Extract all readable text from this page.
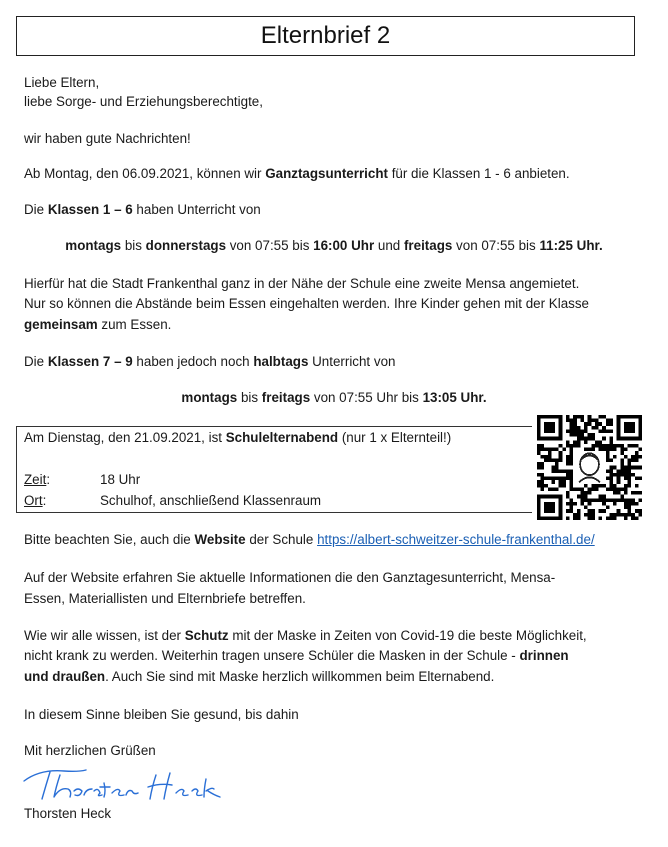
Elternbrief 2
Liebe Eltern,
liebe Sorge- und Erziehungsberechtigte,
wir haben gute Nachrichten!
Ab Montag, den 06.09.2021, können wir Ganztagsunterricht für die Klassen 1 - 6 anbieten.
Die Klassen 1 – 6 haben Unterricht von
montags bis donnerstags von 07:55 bis 16:00 Uhr und freitags von 07:55 bis 11:25 Uhr.
Hierfür hat die Stadt Frankenthal ganz in der Nähe der Schule eine zweite Mensa angemietet.
Nur so können die Abstände beim Essen eingehalten werden. Ihre Kinder gehen mit der Klasse
gemeinsam zum Essen.
Die Klassen 7 – 9 haben jedoch noch halbtags Unterricht von
montags bis freitags von 07:55 Uhr bis 13:05 Uhr.
Am Dienstag, den 21.09.2021, ist Schulelternabend (nur 1 x Elternteil!)
Zeit:	18 Uhr
Ort:	Schulhof, anschließend Klassenraum
Bitte beachten Sie, auch die Website der Schule https://albert-schweitzer-schule-frankenthal.de/
Auf der Website erfahren Sie aktuelle Informationen die den Ganztagesunterricht, Mensa-
Essen, Materiallisten und Elternbriefe betreffen.
Wie wir alle wissen, ist der Schutz mit der Maske in Zeiten von Covid-19 die beste Möglichkeit,
nicht krank zu werden. Weiterhin tragen unsere Schüler die Masken in der Schule - drinnen
und draußen. Auch Sie sind mit Maske herzlich willkommen beim Elternabend.
In diesem Sinne bleiben Sie gesund, bis dahin
Mit herzlichen Grüßen
Thorsten Heck
